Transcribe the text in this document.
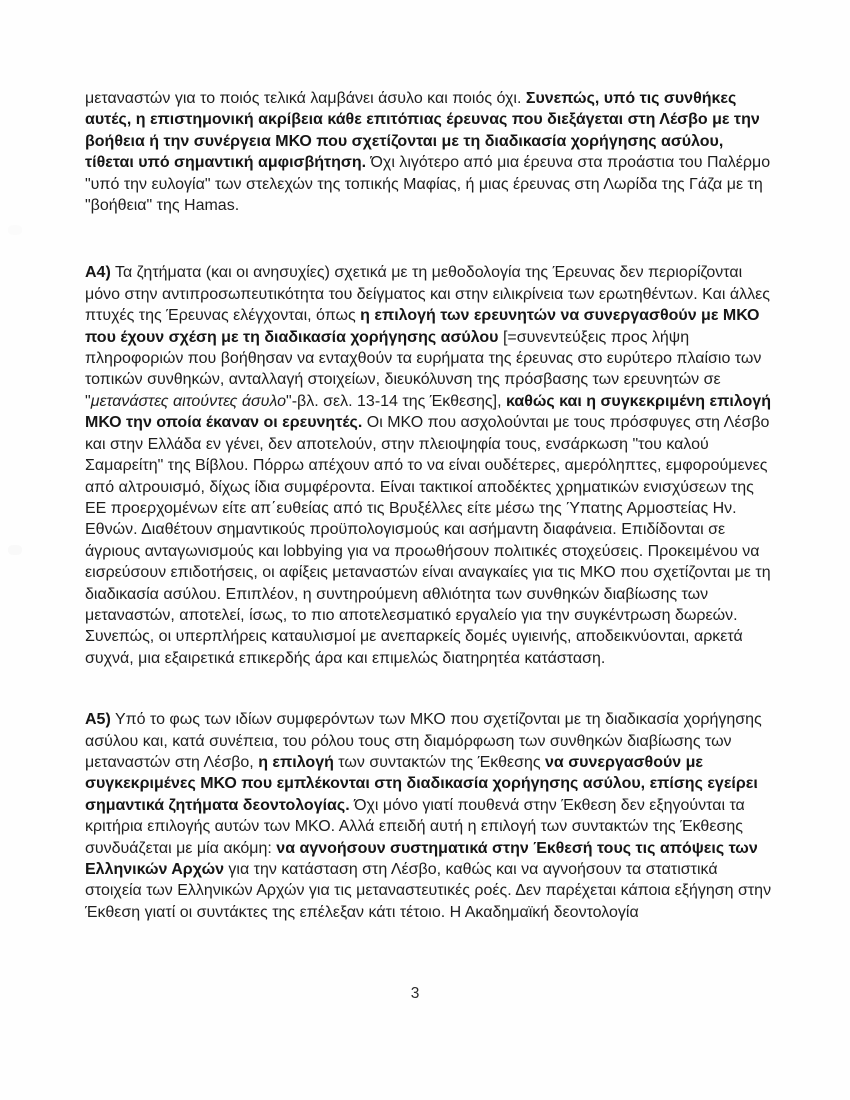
μεταναστών για το ποιός τελικά λαμβάνει άσυλο και ποιός όχι. Συνεπώς, υπό τις συνθήκες αυτές, η επιστημονική ακρίβεια κάθε επιτόπιας έρευνας που διεξάγεται στη Λέσβο με την βοήθεια ή την συνέργεια ΜΚΟ που σχετίζονται με τη διαδικασία χορήγησης ασύλου, τίθεται υπό σημαντική αμφισβήτηση. Όχι λιγότερο από μια έρευνα στα προάστια του Παλέρμο "υπό την ευλογία" των στελεχών της τοπικής Μαφίας, ή μιας έρευνας στη Λωρίδα της Γάζα με τη "βοήθεια" της Hamas.

Α4) Τα ζητήματα (και οι ανησυχίες) σχετικά με τη μεθοδολογία της Έρευνας δεν περιορίζονται μόνο στην αντιπροσωπευτικότητα του δείγματος και στην ειλικρίνεια των ερωτηθέντων. Και άλλες πτυχές της Έρευνας ελέγχονται, όπως η επιλογή των ερευνητών να συνεργασθούν με ΜΚΟ που έχουν σχέση με τη διαδικασία χορήγησης ασύλου [=συνεντεύξεις προς λήψη πληροφοριών που βοήθησαν να ενταχθούν τα ευρήματα της έρευνας στο ευρύτερο πλαίσιο των τοπικών συνθηκών, ανταλλαγή στοιχείων, διευκόλυνση της πρόσβασης των ερευνητών σε "μετανάστες αιτούντες άσυλο"-βλ. σελ. 13-14 της Έκθεσης], καθώς και η συγκεκριμένη επιλογή ΜΚΟ την οποία έκαναν οι ερευνητές. Οι ΜΚΟ που ασχολούνται με τους πρόσφυγες στη Λέσβο και στην Ελλάδα εν γένει, δεν αποτελούν, στην πλειοψηφία τους, ενσάρκωση "του καλού Σαμαρείτη" της Βίβλου. Πόρρω απέχουν από το να είναι ουδέτερες, αμερόληπτες, εμφορούμενες από αλτρουισμό, δίχως ίδια συμφέροντα. Είναι τακτικοί αποδέκτες χρηματικών ενισχύσεων της ΕΕ προερχομένων είτε απ΄ευθείας από τις Βρυξέλλες είτε μέσω της Ύπατης Αρμοστείας Ην. Εθνών. Διαθέτουν σημαντικούς προϋπολογισμούς και ασήμαντη διαφάνεια. Επιδίδονται σε άγριους ανταγωνισμούς και lobbying για να προωθήσουν πολιτικές στοχεύσεις. Προκειμένου να εισρεύσουν επιδοτήσεις, οι αφίξεις μεταναστών είναι αναγκαίες για τις ΜΚΟ που σχετίζονται με τη διαδικασία ασύλου. Επιπλέον, η συντηρούμενη αθλιότητα των συνθηκών διαβίωσης των μεταναστών, αποτελεί, ίσως, το πιο αποτελεσματικό εργαλείο για την συγκέντρωση δωρεών. Συνεπώς, οι υπερπλήρεις καταυλισμοί με ανεπαρκείς δομές υγιεινής, αποδεικνύονται, αρκετά συχνά, μια εξαιρετικά επικερδής άρα και επιμελώς διατηρητέα κατάσταση.

Α5) Υπό το φως των ιδίων συμφερόντων των ΜΚΟ που σχετίζονται με τη διαδικασία χορήγησης ασύλου και, κατά συνέπεια, του ρόλου τους στη διαμόρφωση των συνθηκών διαβίωσης των μεταναστών στη Λέσβο, η επιλογή των συντακτών της Έκθεσης να συνεργασθούν με συγκεκριμένες ΜΚΟ που εμπλέκονται στη διαδικασία χορήγησης ασύλου, επίσης εγείρει σημαντικά ζητήματα δεοντολογίας. Όχι μόνο γιατί πουθενά στην Έκθεση δεν εξηγούνται τα κριτήρια επιλογής αυτών των ΜΚΟ. Αλλά επειδή αυτή η επιλογή των συντακτών της Έκθεσης συνδυάζεται με μία ακόμη: να αγνοήσουν συστηματικά στην Έκθεσή τους τις απόψεις των Ελληνικών Αρχών για την κατάσταση στη Λέσβο, καθώς και να αγνοήσουν τα στατιστικά στοιχεία των Ελληνικών Αρχών για τις μεταναστευτικές ροές. Δεν παρέχεται κάποια εξήγηση στην Έκθεση γιατί οι συντάκτες της επέλεξαν κάτι τέτοιο. Η Ακαδημαϊκή δεοντολογία

3
